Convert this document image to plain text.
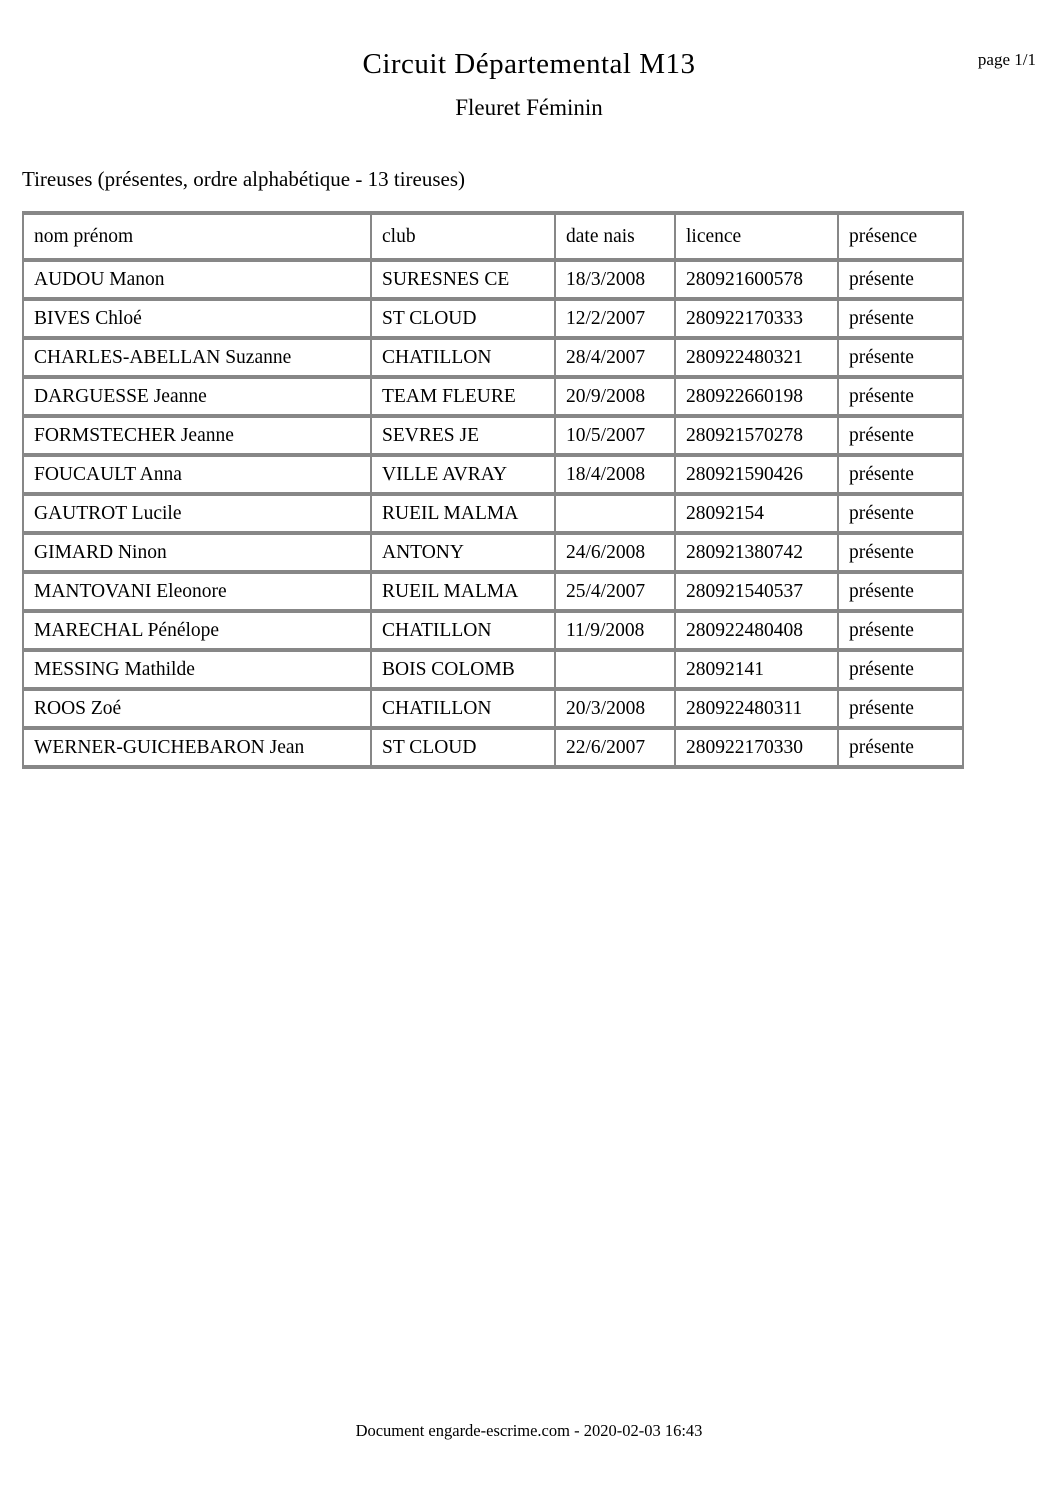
page 1/1
Circuit Départemental M13
Fleuret Féminin
Tireuses (présentes, ordre alphabétique - 13 tireuses)
nom prénom	club	date nais	licence	présence
AUDOU Manon	SURESNES CE	18/3/2008	280921600578	présente
BIVES Chloé	ST CLOUD	12/2/2007	280922170333	présente
CHARLES-ABELLAN Suzanne	CHATILLON	28/4/2007	280922480321	présente
DARGUESSE Jeanne	TEAM FLEURE	20/9/2008	280922660198	présente
FORMSTECHER Jeanne	SEVRES JE	10/5/2007	280921570278	présente
FOUCAULT Anna	VILLE AVRAY	18/4/2008	280921590426	présente
GAUTROT Lucile	RUEIL MALMA		28092154	présente
GIMARD Ninon	ANTONY	24/6/2008	280921380742	présente
MANTOVANI Eleonore	RUEIL MALMA	25/4/2007	280921540537	présente
MARECHAL Pénélope	CHATILLON	11/9/2008	280922480408	présente
MESSING Mathilde	BOIS COLOMB		28092141	présente
ROOS Zoé	CHATILLON	20/3/2008	280922480311	présente
WERNER-GUICHEBARON Jean	ST CLOUD	22/6/2007	280922170330	présente
Document engarde-escrime.com - 2020-02-03 16:43
